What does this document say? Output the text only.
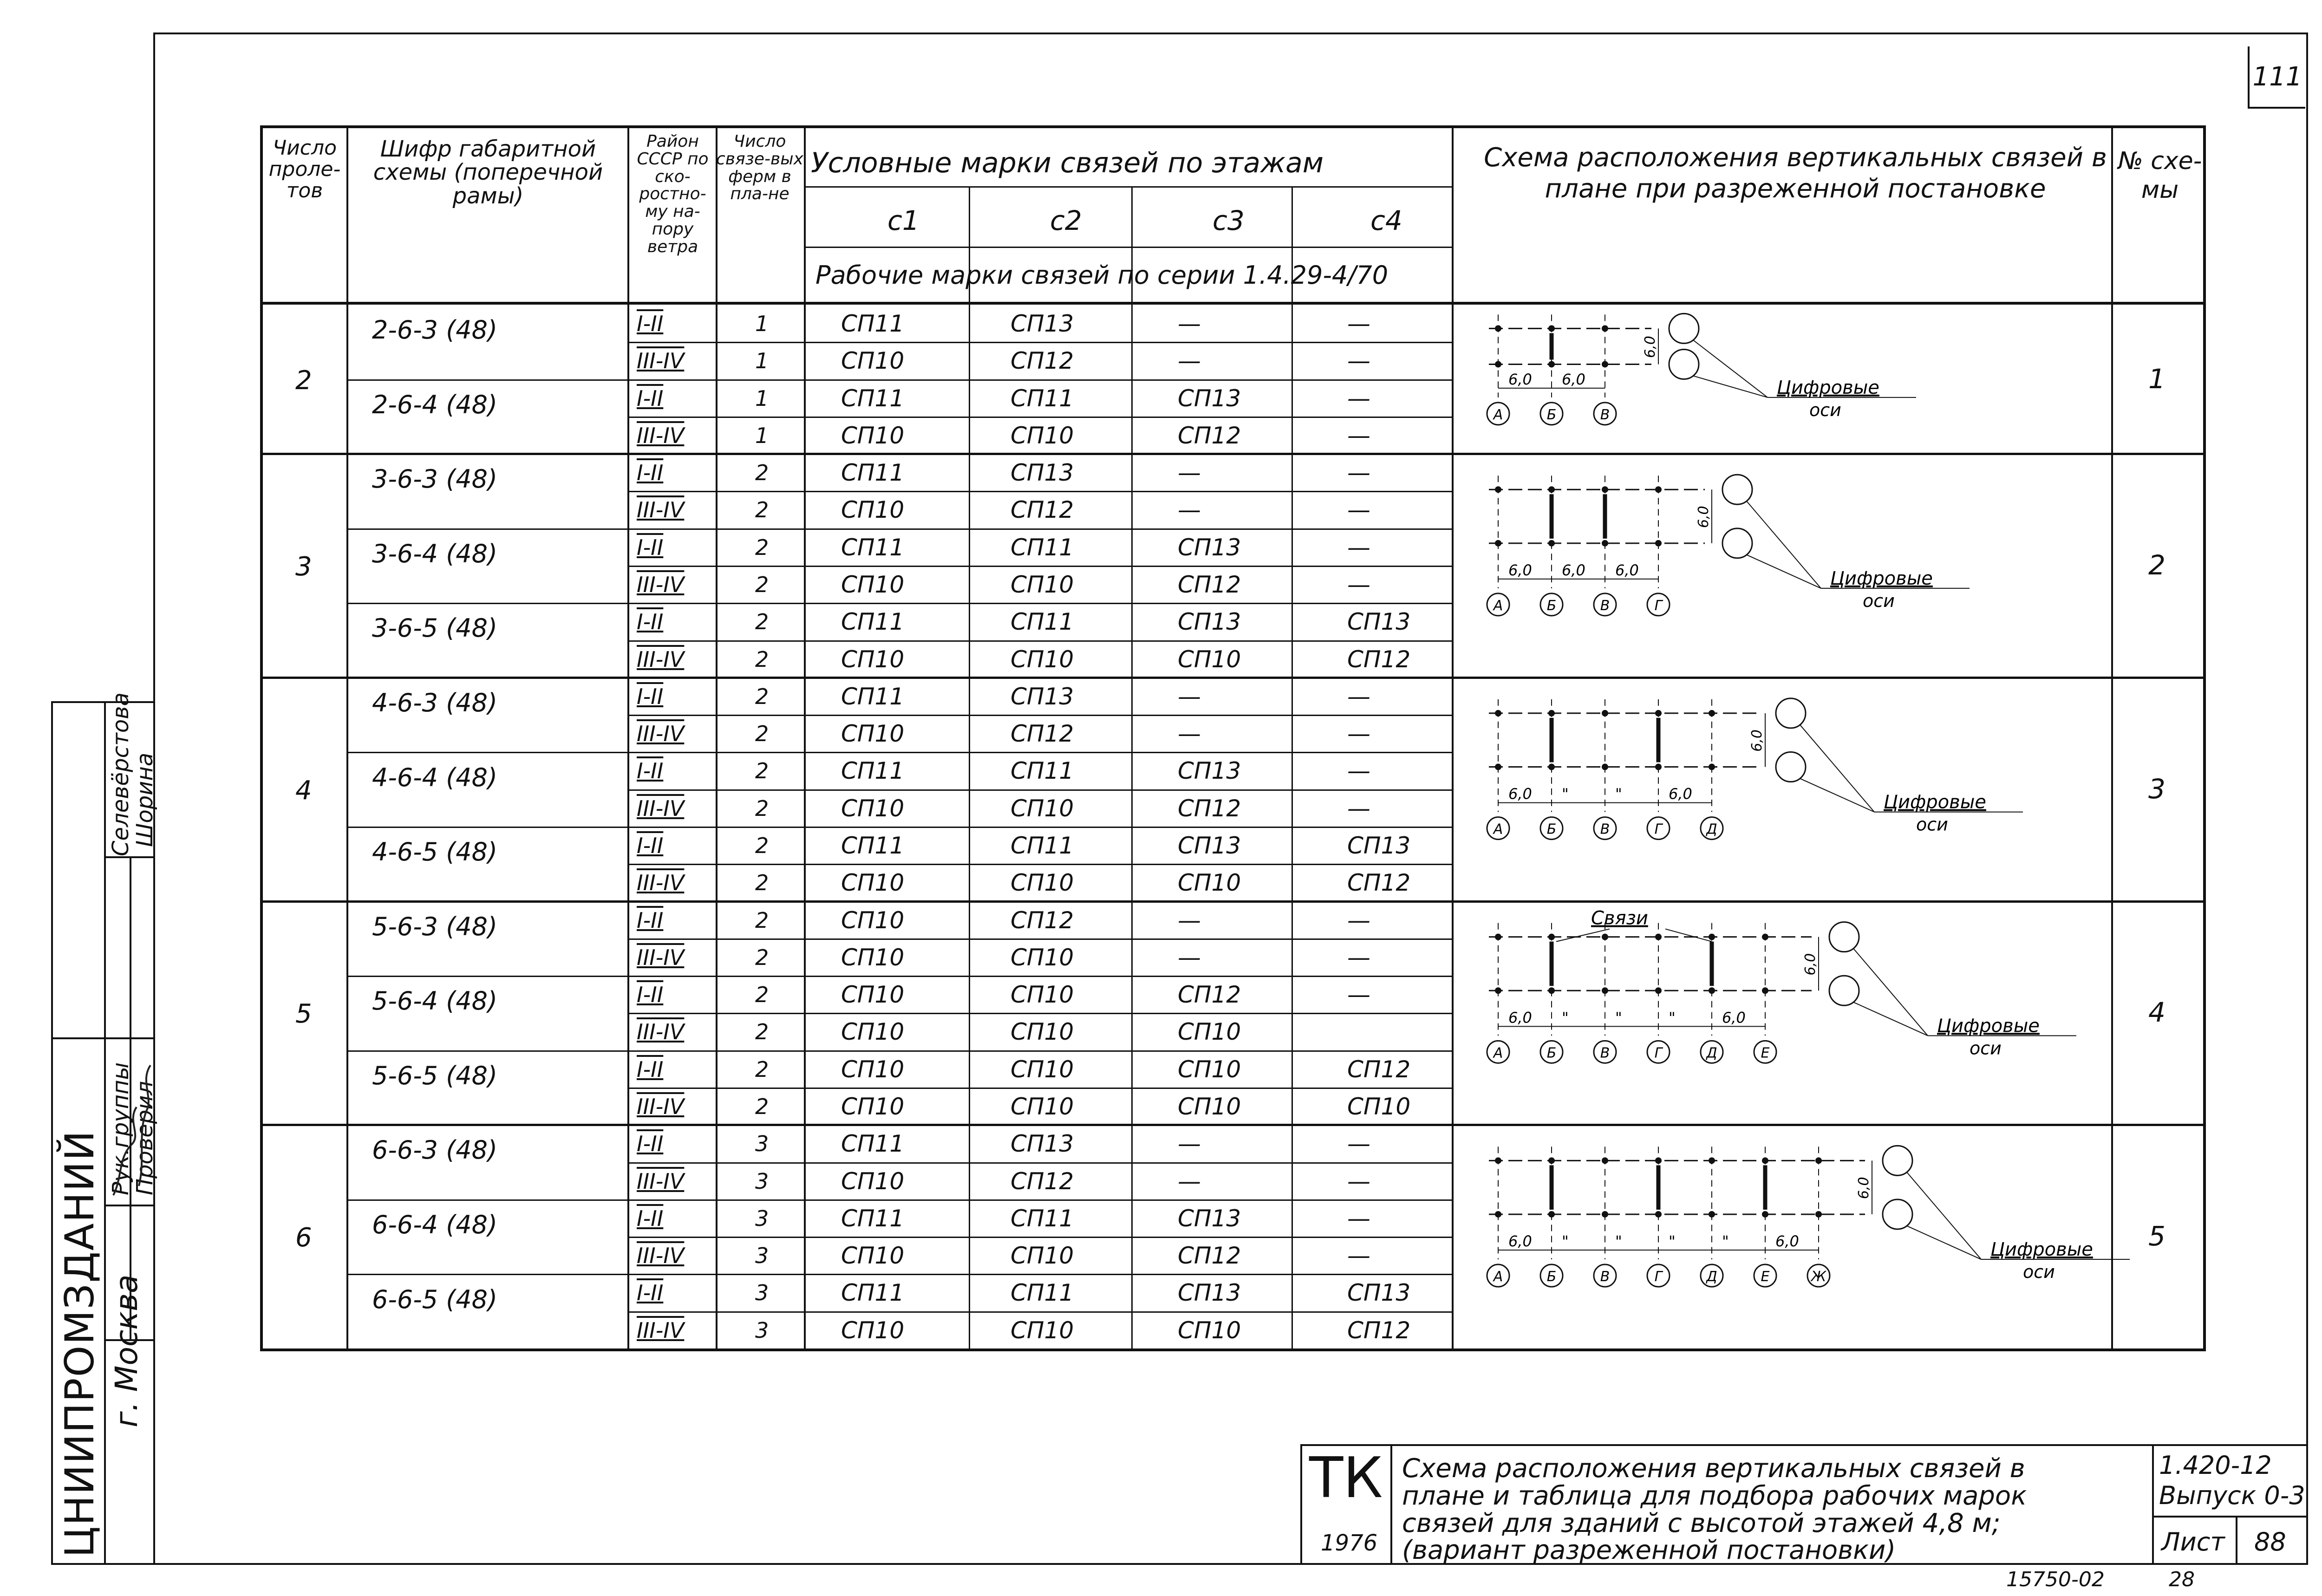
111
Число проле-тов
Шифр габаритной схемы (поперечной рамы)
Район СССР по ско-ростно-му на-пору ветра
Число связе-вых ферм в пла-не
Условные марки связей по этажам
с1	с2	с3	с4
Рабочие марки связей по серии 1.4.29-4/70
Схема расположения вертикальных связей в плане при разреженной постановке
№ схе-мы
2	1
2-6-3 (48)	I-II	1	СП11	СП13	—	—
III-IV	1	СП10	СП12	—	—
2-6-4 (48)	I-II	1	СП11	СП11	СП13	—
III-IV	1	СП10	СП10	СП12	—
3	2
3-6-3 (48)	I-II	2	СП11	СП13	—	—
III-IV	2	СП10	СП12	—	—
3-6-4 (48)	I-II	2	СП11	СП11	СП13	—
III-IV	2	СП10	СП10	СП12	—
3-6-5 (48)	I-II	2	СП11	СП11	СП13	СП13
III-IV	2	СП10	СП10	СП10	СП12
4	3
4-6-3 (48)	I-II	2	СП11	СП13	—	—
III-IV	2	СП10	СП12	—	—
4-6-4 (48)	I-II	2	СП11	СП11	СП13	—
III-IV	2	СП10	СП10	СП12	—
4-6-5 (48)	I-II	2	СП11	СП11	СП13	СП13
III-IV	2	СП10	СП10	СП10	СП12
5	4
5-6-3 (48)	I-II	2	СП10	СП12	—	—
III-IV	2	СП10	СП10	—	—
5-6-4 (48)	I-II	2	СП10	СП10	СП12	—
III-IV	2	СП10	СП10	СП10
5-6-5 (48)	I-II	2	СП10	СП10	СП10	СП12
III-IV	2	СП10	СП10	СП10	СП10
6	5
6-6-3 (48)	I-II	3	СП11	СП13	—	—
III-IV	3	СП10	СП12	—	—
6-6-4 (48)	I-II	3	СП11	СП11	СП13	—
III-IV	3	СП10	СП10	СП12	—
6-6-5 (48)	I-II	3	СП11	СП11	СП13	СП13
III-IV	3	СП10	СП10	СП10	СП12
А	Б	В
6,0 6,0
6,0
Цифровые
оси
А	Б	В	Г
6,0 6,0 6,0
6,0
Цифровые
оси
А	Б	В	Г	Д
6,0 "	"	6,0
6,0
Цифровые
оси
А	Б	В	Г	Д	Е
6,0 "	"	"	6,0
6,0
Цифровые
оси
Связи
А	Б	В	Г	Д	Е	Ж
6,0 "	"	"	"	6,0
6,0
Цифровые
оси
ЦНИИПРОМЗДАНИЙ г. Москва
Рук.группы
Проверил
Селевёрстова
Шорина
ТК
1976
Схема расположения вертикальных связей в плане и таблица для подбора рабочих марок связей для зданий с высотой этажей 4,8 м; (вариант разреженной постановки)
1.420-12
Выпуск 0-3
Лист 88
15750-02	28
